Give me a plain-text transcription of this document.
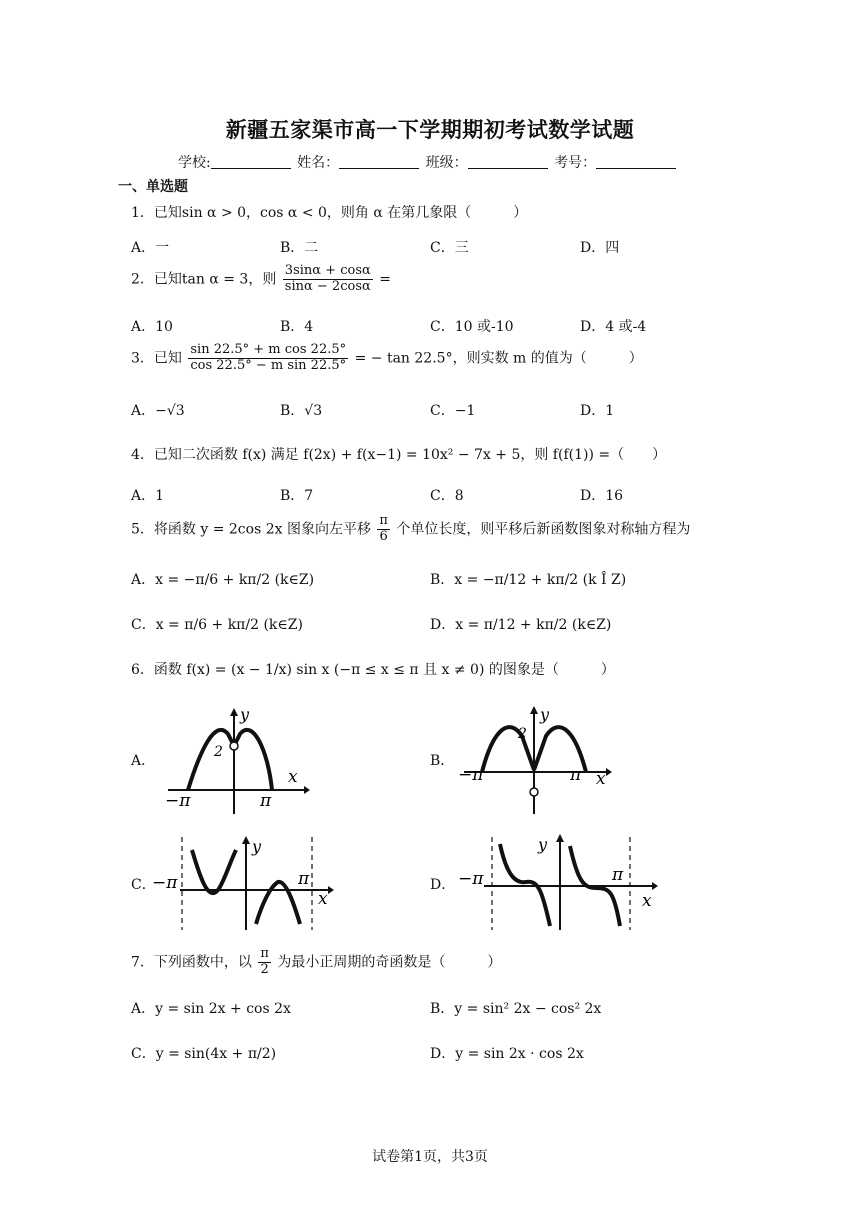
新疆五家渠市高一下学期期初考试数学试题
学校:	姓名：	班级：	考号：
一、单选题
1．已知sin α > 0，cos α < 0，则角 α 在第几象限（　　　）
A．一	B．二	C．三	D．四
2．已知tan α = 3，则 $\frac{3\sin\alpha + \cos\alpha}{\sin\alpha - 2\cos\alpha}$ =
A．10	B．4	C．10 或-10	D．4 或-4
3．已知 $\frac{\text{sin 22.5° + m cos 22.5°}}{\text{cos 22.5° − m sin 22.5°}}$ = − tan 22.5°，则实数 m 的值为（　　　）
A．−√3	B．√3	C．−1	D．1
4．已知二次函数 f(x) 满足 f(2x) + f(x−1) = 10x² − 7x + 5，则 f(f(1)) =（　　）
A．1	B．7	C．8	D．16
5．将函数 y = 2cos 2x 图象向左平移 $\frac{\pi}{6}$ 个单位长度，则平移后新函数图象对称轴方程为
A．x = −π/6 + kπ/2 (k∈Z)	B．x = −π/12 + kπ/2 (k Î Z)
C．x = π/6 + kπ/2 (k∈Z)	D．x = π/12 + kπ/2 (k∈Z)
6．函数 f(x) = (x − 1/x) sin x (−π ≤ x ≤ π 且 x ≠ 0) 的图象是（　　　）
A．
y
2
x
−π	π
B．
y
2
x
−π	π
C．
−π
y
π
x
D． −π
y
π
x
7．下列函数中，以 $\frac{\pi}{2}$ 为最小正周期的奇函数是（　　　）
A．y = sin 2x + cos 2x	B．y = sin² 2x − cos² 2x
C．y = sin(4x + π/2)	D．y = sin 2x · cos 2x
试卷第1页，共3页
